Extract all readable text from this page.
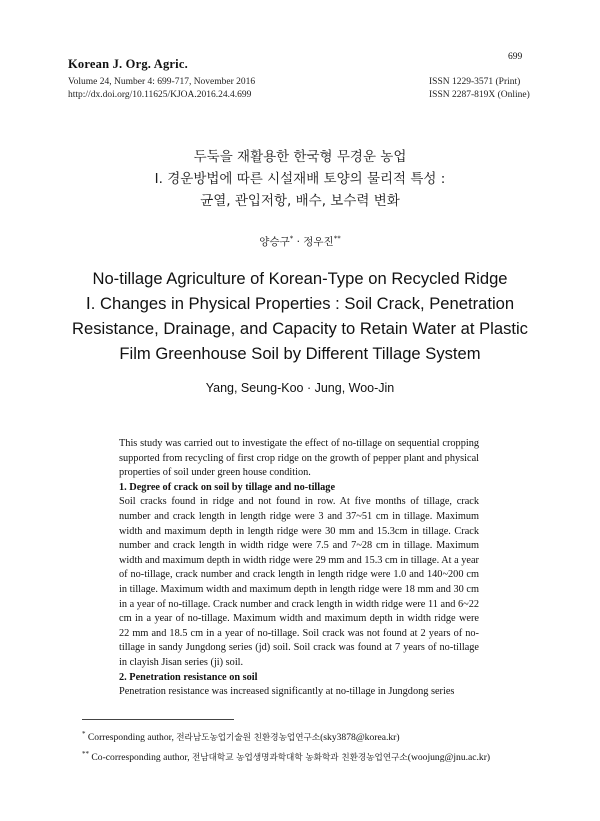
Korean J. Org. Agric.
Volume 24, Number 4: 699-717, November 2016
http://dx.doi.org/10.11625/KJOA.2016.24.4.699
699
ISSN 1229-3571 (Print)
ISSN 2287-819X (Online)
두둑을 재활용한 한국형 무경운 농업
Ⅰ. 경운방법에 따른 시설재배 토양의 물리적 특성 :
균열, 관입저항, 배수, 보수력 변화
양승구* · 정우진**
No-tillage Agriculture of Korean-Type on Recycled Ridge
Ⅰ. Changes in Physical Properties : Soil Crack, Penetration
Resistance, Drainage, and Capacity to Retain Water at Plastic
Film Greenhouse Soil by Different Tillage System
Yang, Seung-Koo · Jung, Woo-Jin

This study was carried out to investigate the effect of no-tillage on sequential cropping supported from recycling of first crop ridge on the growth of pepper plant and physical properties of soil under green house condition.

1. Degree of crack on soil by tillage and no-tillage

Soil cracks found in ridge and not found in row. At five months of tillage, crack number and crack length in length ridge were 3 and 37~51 cm in tillage. Maximum width and maximum depth in length ridge were 30 mm and 15.3cm in tillage. Crack number and crack length in width ridge were 7.5 and 7~28 cm in tillage. Maximum width and maximum depth in width ridge were 29 mm and 15.3 cm in tillage. At a year of no-tillage, crack number and crack length in length ridge were 1.0 and 140~200 cm in tillage. Maximum width and maximum depth in length ridge were 18 mm and 30 cm in a year of no-tillage. Crack number and crack length in width ridge were 11 and 6~22 cm in a year of no-tillage. Maximum width and maximum depth in width ridge were 22 mm and 18.5 cm in a year of no-tillage. Soil crack was not found at 2 years of no-tillage in sandy Jungdong series (jd) soil. Soil crack was found at 7 years of no-tillage in clayish Jisan series (ji) soil.

2. Penetration resistance on soil

Penetration resistance was increased significantly at no-tillage in Jungdong series

* Corresponding author, 전라남도농업기술원 친환경농업연구소(sky3878@korea.kr)
** Co-corresponding author, 전남대학교 농업생명과학대학 농화학과 친환경농업연구소(woojung@jnu.ac.kr)
